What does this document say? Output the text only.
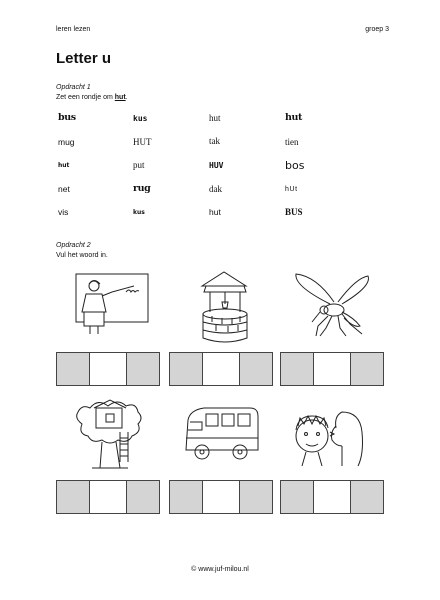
leren lezen	groep 3
Letter u
Opdracht 1
Zet een rondje om hut.
bus	kus	hut	hut
mug	HUT	tak	tien
hut	put	HUV	bos
net	rug	dak	hUt
vis	kus	hut	BUS
Opdracht 2
Vul het woord in.
© www.juf-milou.nl
